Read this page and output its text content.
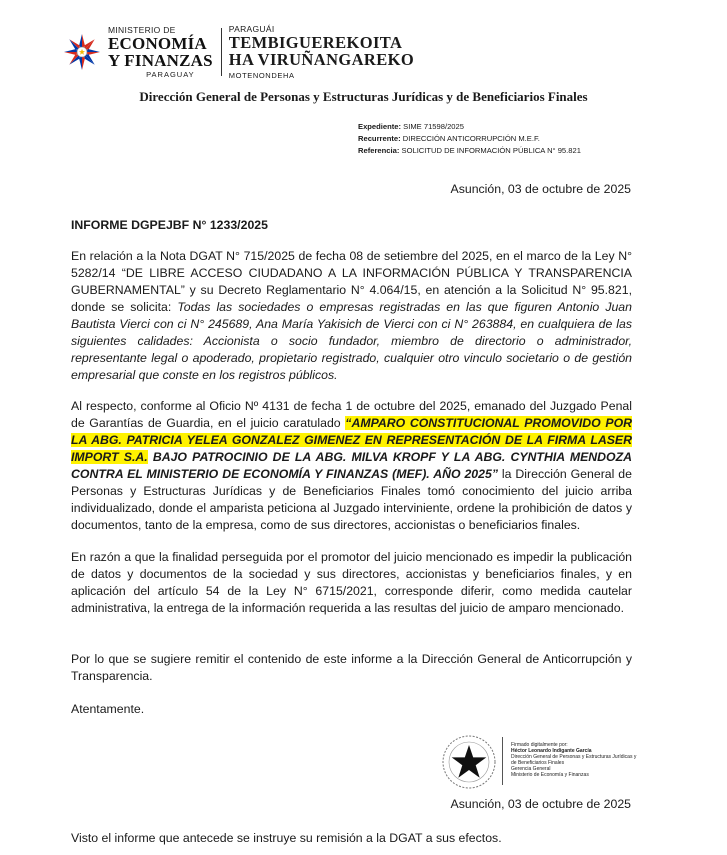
MINISTERIO DE
ECONOMÍA
Y FINANZAS
PARAGUAY
PARAGUÁI
TEMBIGUEREKOITA
HA VIRUÑANGAREKO
MOTENONDEHA
Dirección General de Personas y Estructuras Jurídicas y de Beneficiarios Finales
Expediente: SIME 71598/2025
Recurrente: DIRECCIÓN ANTICORRUPCIÓN M.E.F.
Referencia: SOLICITUD DE INFORMACIÓN PÚBLICA N° 95.821
Asunción, 03 de octubre de 2025
INFORME DGPEJBF N° 1233/2025
En relación a la Nota DGAT N° 715/2025 de fecha 08 de setiembre del 2025, en el marco de la Ley N° 5282/14 “DE LIBRE ACCESO CIUDADANO A LA INFORMACIÓN PÚBLICA Y TRANSPARENCIA GUBERNAMENTAL” y su Decreto Reglamentario N° 4.064/15, en atención a la Solicitud N° 95.821, donde se solicita: Todas las sociedades o empresas registradas en las que figuren Antonio Juan Bautista Vierci con ci N° 245689, Ana María Yakisich de Vierci con ci N° 263884, en cualquiera de las siguientes calidades: Accionista o socio fundador, miembro de directorio o administrador, representante legal o apoderado, propietario registrado, cualquier otro vinculo societario o de gestión empresarial que conste en los registros públicos.
Al respecto, conforme al Oficio Nº 4131 de fecha 1 de octubre del 2025, emanado del Juzgado Penal de Garantías de Guardia, en el juicio caratulado “AMPARO CONSTITUCIONAL PROMOVIDO POR LA ABG. PATRICIA YELEA GONZALEZ GIMENEZ EN REPRESENTACIÓN DE LA FIRMA LASER IMPORT S.A. BAJO PATROCINIO DE LA ABG. MILVA KROPF Y LA ABG. CYNTHIA MENDOZA CONTRA EL MINISTERIO DE ECONOMÍA Y FINANZAS (MEF). AÑO 2025” la Dirección General de Personas y Estructuras Jurídicas y de Beneficiarios Finales tomó conocimiento del juicio arriba individualizado, donde el amparista peticiona al Juzgado interviniente, ordene la prohibición de datos y documentos, tanto de la empresa, como de sus directores, accionistas o beneficiarios finales.
En razón a que la finalidad perseguida por el promotor del juicio mencionado es impedir la publicación de datos y documentos de la sociedad y sus directores, accionistas y beneficiarios finales, y en aplicación del artículo 54 de la Ley N° 6715/2021, corresponde diferir, como medida cautelar administrativa, la entrega de la información requerida a las resultas del juicio de amparo mencionado.
Por lo que se sugiere remitir el contenido de este informe a la Dirección General de Anticorrupción y Transparencia.
Atentamente.
Firmado digitalmente por:
Héctor Leonardo Indigante García
Dirección General de Personas y Estructuras Jurídicas y de Beneficiarios Finales
Gerencia General
Ministerio de Economía y Finanzas
Asunción, 03 de octubre de 2025
Visto el informe que antecede se instruye su remisión a la DGAT a sus efectos.
